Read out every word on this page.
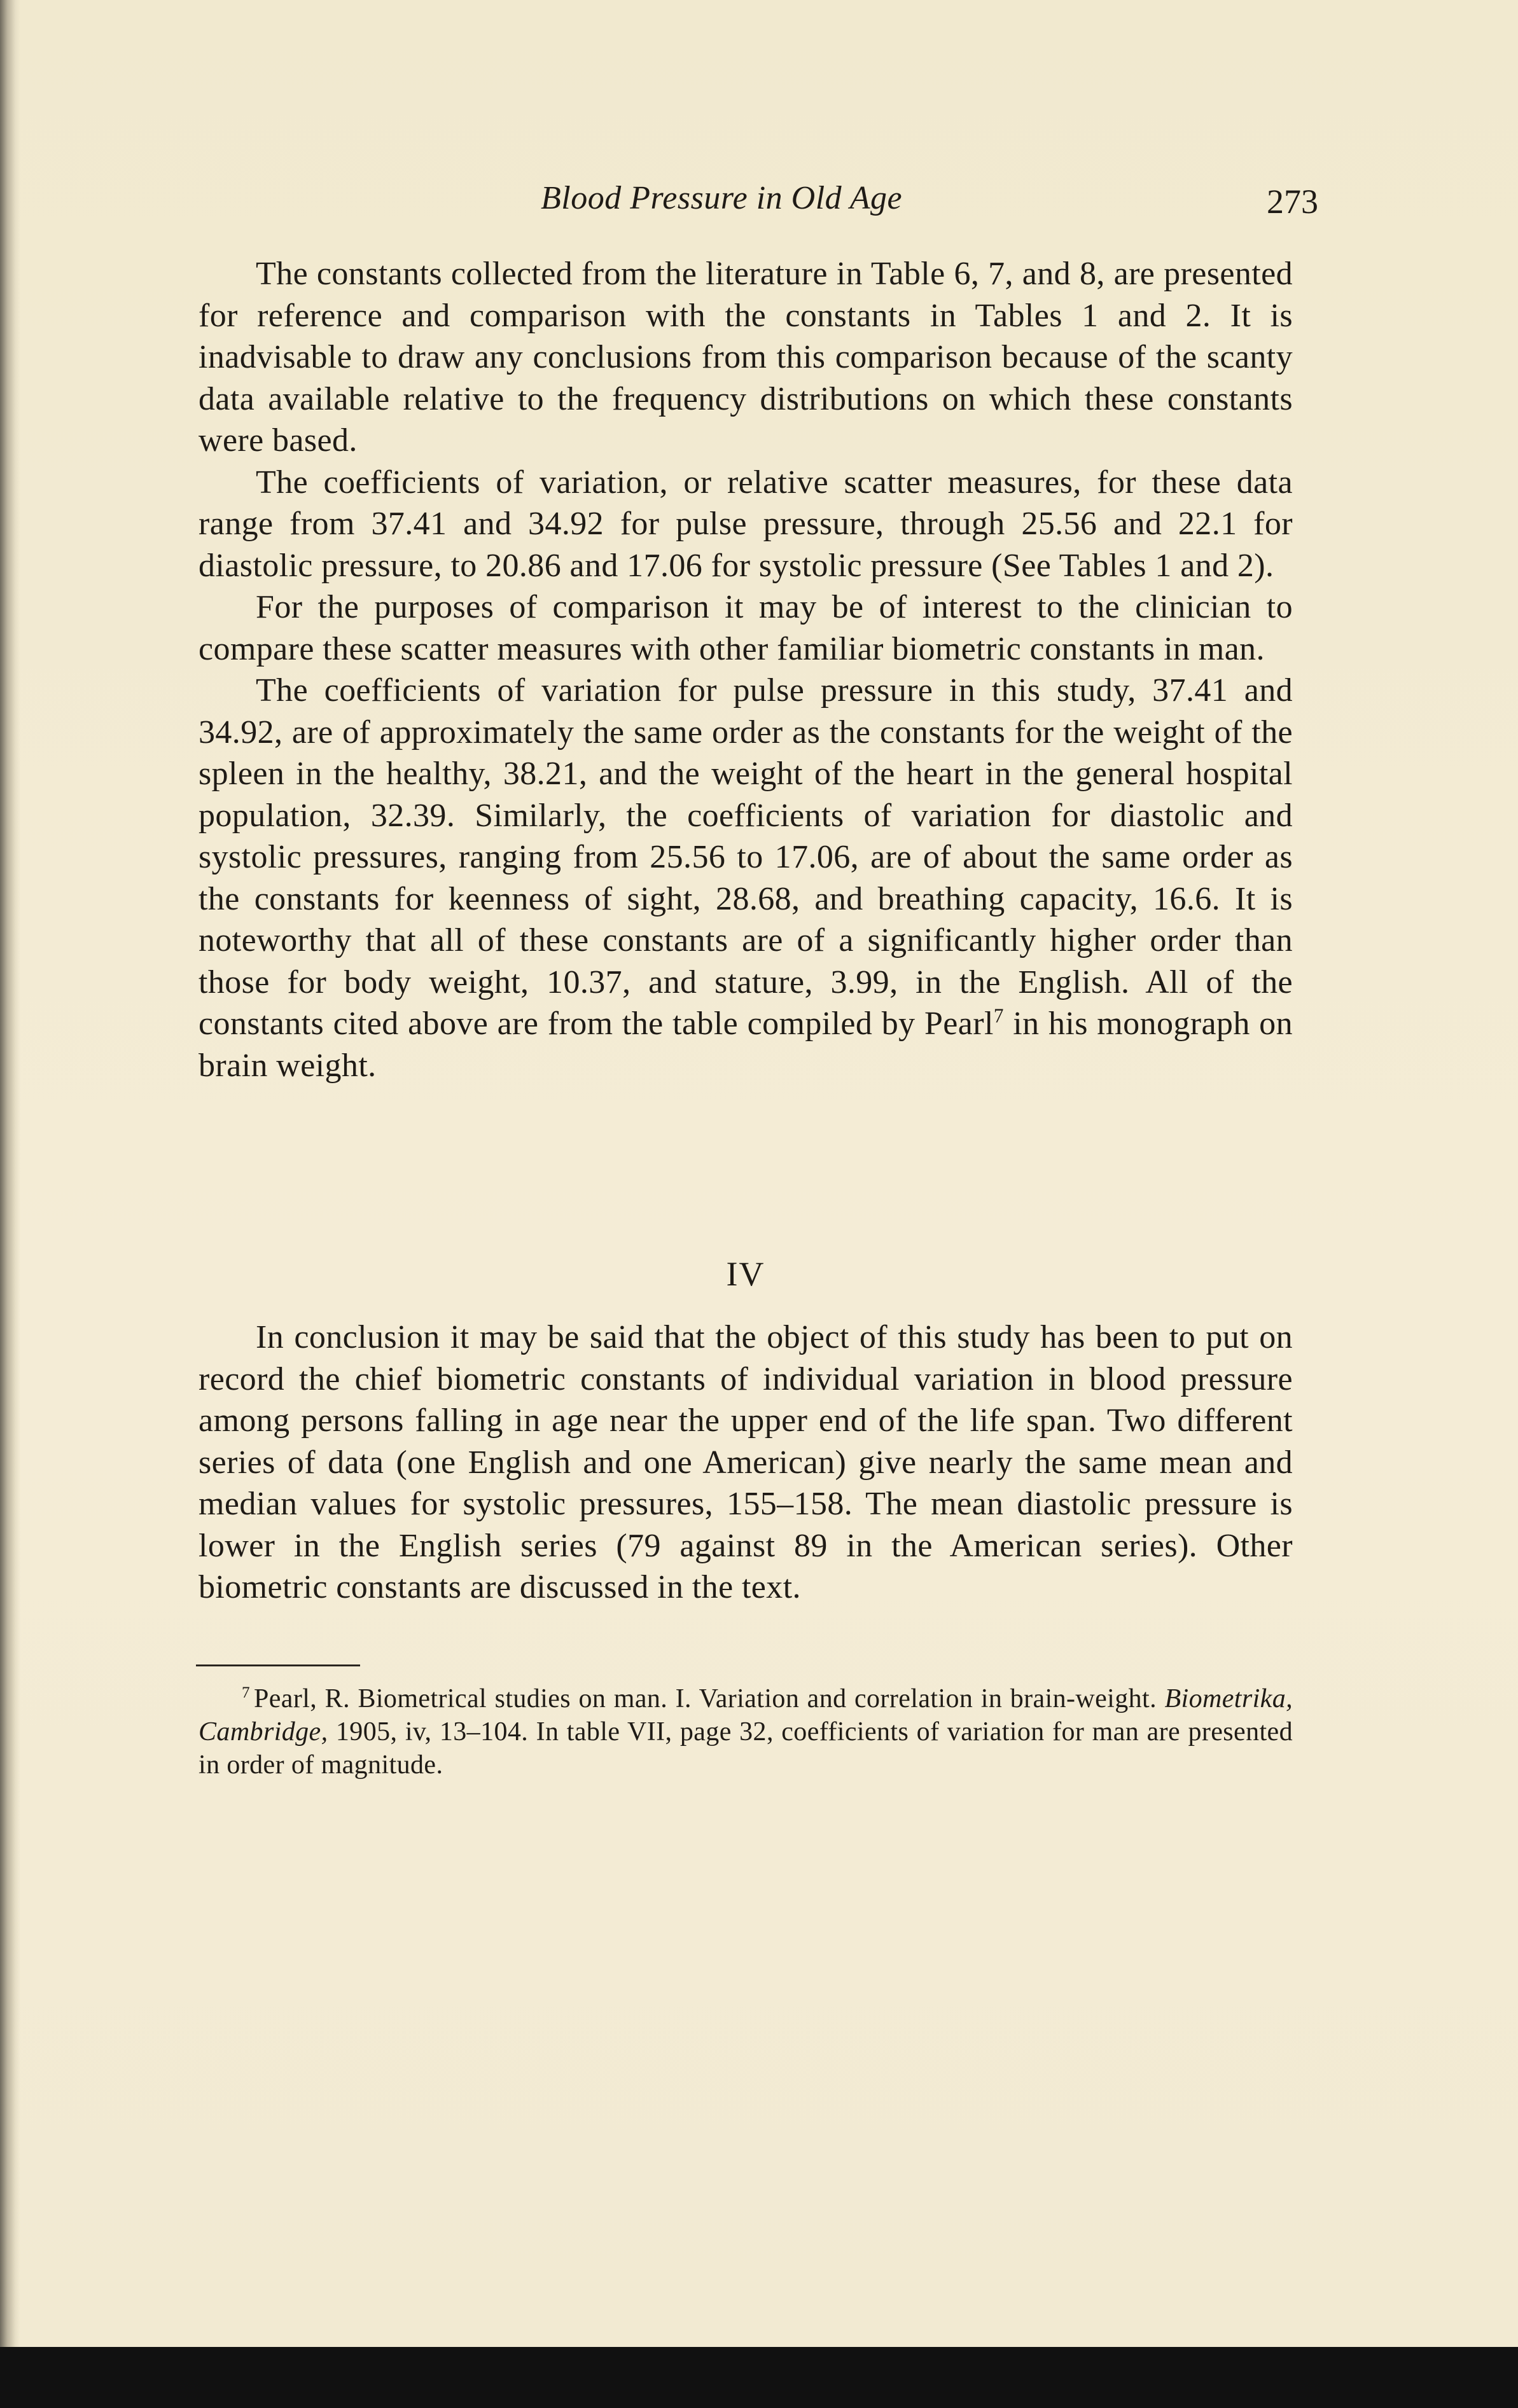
Blood Pressure in Old Age	273

The constants collected from the literature in Table 6, 7, and 8, are presented for reference and comparison with the constants in Tables 1 and 2. It is inadvisable to draw any conclusions from this comparison because of the scanty data available relative to the frequency distributions on which these constants were based.

The coefficients of variation, or relative scatter measures, for these data range from 37.41 and 34.92 for pulse pressure, through 25.56 and 22.1 for diastolic pressure, to 20.86 and 17.06 for systolic pressure (See Tables 1 and 2).

For the purposes of comparison it may be of interest to the clinician to compare these scatter measures with other familiar biometric constants in man.

The coefficients of variation for pulse pressure in this study, 37.41 and 34.92, are of approximately the same order as the constants for the weight of the spleen in the healthy, 38.21, and the weight of the heart in the general hospital population, 32.39. Similarly, the coefficients of variation for diastolic and systolic pressures, ranging from 25.56 to 17.06, are of about the same order as the constants for keenness of sight, 28.68, and breathing capacity, 16.6. It is noteworthy that all of these constants are of a significantly higher order than those for body weight, 10.37, and stature, 3.99, in the English. All of the constants cited above are from the table compiled by Pearl$^7$ in his monograph on brain weight.

IV

In conclusion it may be said that the object of this study has been to put on record the chief biometric constants of individual variation in blood pressure among persons falling in age near the upper end of the life span. Two different series of data (one English and one American) give nearly the same mean and median values for systolic pressures, 155–158. The mean diastolic pressure is lower in the English series (79 against 89 in the American series). Other biometric constants are discussed in the text.

$^7$ Pearl, R. Biometrical studies on man. I. Variation and correlation in brain-weight. Biometrika, Cambridge, 1905, iv, 13–104. In table VII, page 32, coefficients of variation for man are presented in order of magnitude.
